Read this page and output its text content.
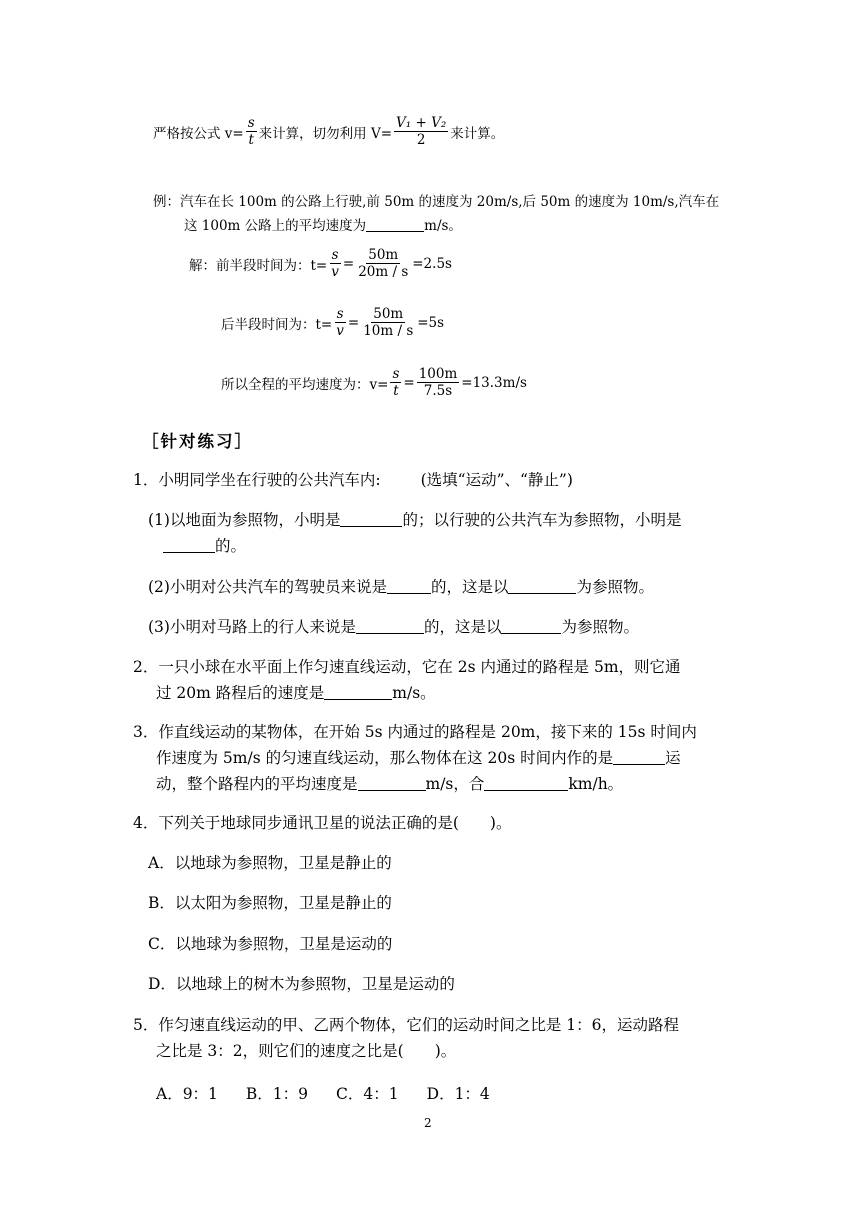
严格按公式 $v= \frac{s}{t}$ 来计算，切勿利用 $V= \frac{\text{V₁ + V₂}}{2}$ 来计算。
例：汽车在长 100m 的公路上行驶,前 50m 的速度为 20m/s,后 50m 的速度为 10m/s,汽车在
这 100m 公路上的平均速度为	m/s。
解：前半段时间为：$t= \frac{s}{v} = \frac{50m}{20m / s} =2.5s$
后半段时间为：$t= \frac{s}{v} = \frac{50m}{10m / s} =5s$
所以全程的平均速度为：$v= \frac{s}{t} = \frac{100m}{7.5s} =13.3m/s$
［针对练习］
1．小明同学坐在行驶的公共汽车内:	(选填“运动”、“静止”)
(1)以地面为参照物，小明是	的；以行驶的公共汽车为参照物，小明是
的。
(2)小明对公共汽车的驾驶员来说是	的，这是以	为参照物。
(3)小明对马路上的行人来说是	的，这是以	为参照物。
2．一只小球在水平面上作匀速直线运动，它在 2s 内通过的路程是 5m，则它通
过 20m 路程后的速度是	m/s。
3．作直线运动的某物体，在开始 5s 内通过的路程是 20m，接下来的 15s 时间内
作速度为 5m/s 的匀速直线运动，那么物体在这 20s 时间内作的是	运
动，整个路程内的平均速度是	m/s，合	km/h。
4．下列关于地球同步通讯卫星的说法正确的是(　　)。
A．以地球为参照物，卫星是静止的
B．以太阳为参照物，卫星是静止的
C．以地球为参照物，卫星是运动的
D．以地球上的树木为参照物，卫星是运动的
5．作匀速直线运动的甲、乙两个物体，它们的运动时间之比是 1：6，运动路程
之比是 3：2，则它们的速度之比是(　　)。
A．9：1 B．1：9 C．4：1 D．1：4
2
